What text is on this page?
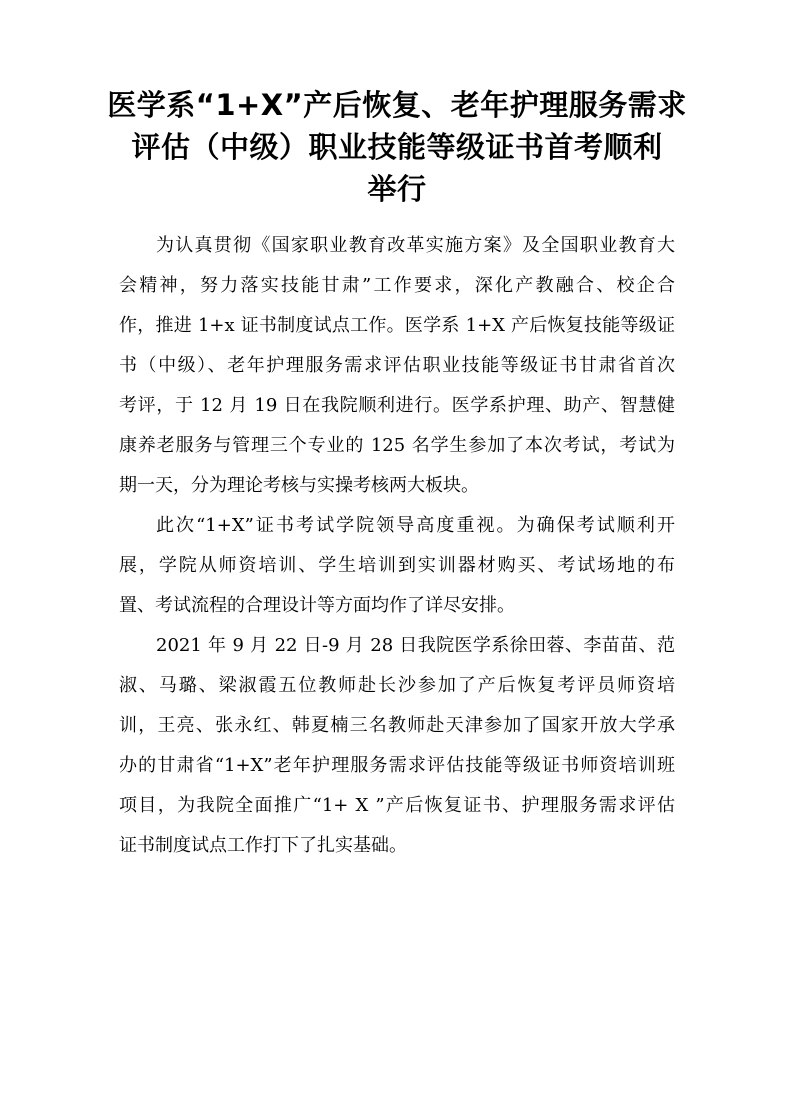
医学系“1+X”产后恢复、老年护理服务需求
评估（中级）职业技能等级证书首考顺利
举行
为认真贯彻《国家职业教育改革实施方案》及全国职业教育大
会精神，努力落实技能甘肃”工作要求，深化产教融合、校企合
作，推进 1+x 证书制度试点工作。医学系 1+X 产后恢复技能等级证
书（中级）、老年护理服务需求评估职业技能等级证书甘肃省首次
考评，于 12 月 19 日在我院顺利进行。医学系护理、助产、智慧健
康养老服务与管理三个专业的 125 名学生参加了本次考试，考试为
期一天，分为理论考核与实操考核两大板块。
此次“1+X”证书考试学院领导高度重视。为确保考试顺利开
展，学院从师资培训、学生培训到实训器材购买、考试场地的布
置、考试流程的合理设计等方面均作了详尽安排。
2021 年 9 月 22 日-9 月 28 日我院医学系徐田蓉、李苗苗、范
淑、马璐、梁淑霞五位教师赴长沙参加了产后恢复考评员师资培
训，王亮、张永红、韩夏楠三名教师赴天津参加了国家开放大学承
办的甘肃省“1+X”老年护理服务需求评估技能等级证书师资培训班
项目，为我院全面推广“1+ X ”产后恢复证书、护理服务需求评估
证书制度试点工作打下了扎实基础。
